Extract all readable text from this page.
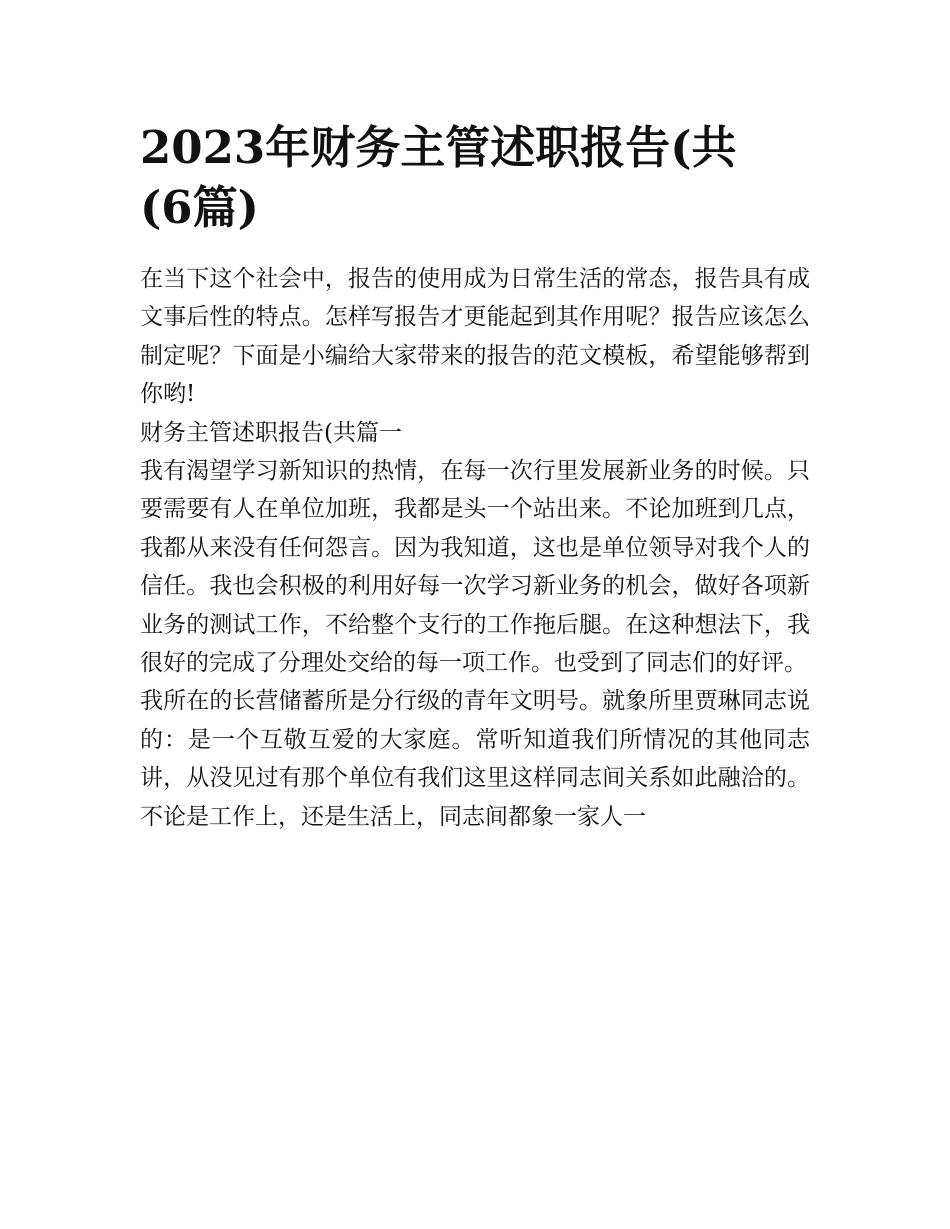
2023年财务主管述职报告(共
(6篇)

在当下这个社会中，报告的使用成为日常生活的常态，报告具有成文事后性的特点。怎样写报告才更能起到其作用呢？报告应该怎么制定呢？下面是小编给大家带来的报告的范文模板，希望能够帮到你哟!

财务主管述职报告(共篇一

我有渴望学习新知识的热情，在每一次行里发展新业务的时候。只要需要有人在单位加班，我都是头一个站出来。不论加班到几点，我都从来没有任何怨言。因为我知道，这也是单位领导对我个人的信任。我也会积极的利用好每一次学习新业务的机会，做好各项新业务的测试工作，不给整个支行的工作拖后腿。在这种想法下，我很好的完成了分理处交给的每一项工作。也受到了同志们的好评。

我所在的长营储蓄所是分行级的青年文明号。就象所里贾琳同志说的：是一个互敬互爱的大家庭。常听知道我们所情况的其他同志讲，从没见过有那个单位有我们这里这样同志间关系如此融洽的。不论是工作上，还是生活上，同志间都象一家人一
